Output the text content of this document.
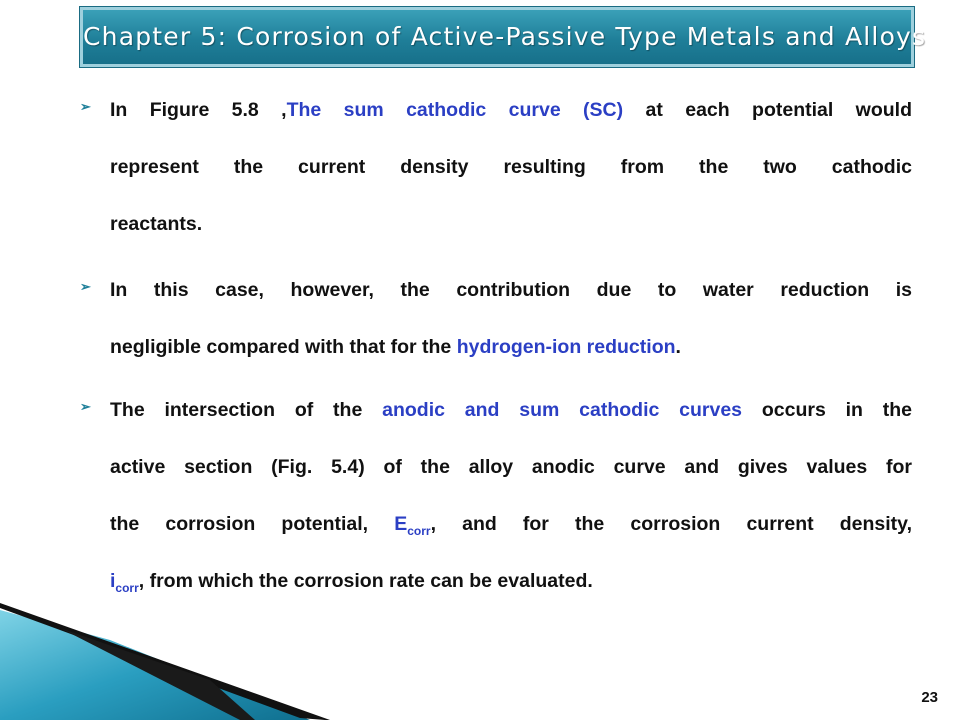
Chapter 5: Corrosion of Active-Passive Type Metals and Alloys
➢ In Figure 5.8 ,The sum cathodic curve (SC) at each potential would
represent the current density resulting from the two cathodic
reactants.
➢ In this case, however, the contribution due to water reduction is
negligible compared with that for the hydrogen-ion reduction.
➢ The intersection of the anodic and sum cathodic curves occurs in the
active section (Fig. 5.4) of the alloy anodic curve and gives values for
the corrosion potential, $E_{corr}$, and for the corrosion current density,
$i_{corr}$, from which the corrosion rate can be evaluated.
23
